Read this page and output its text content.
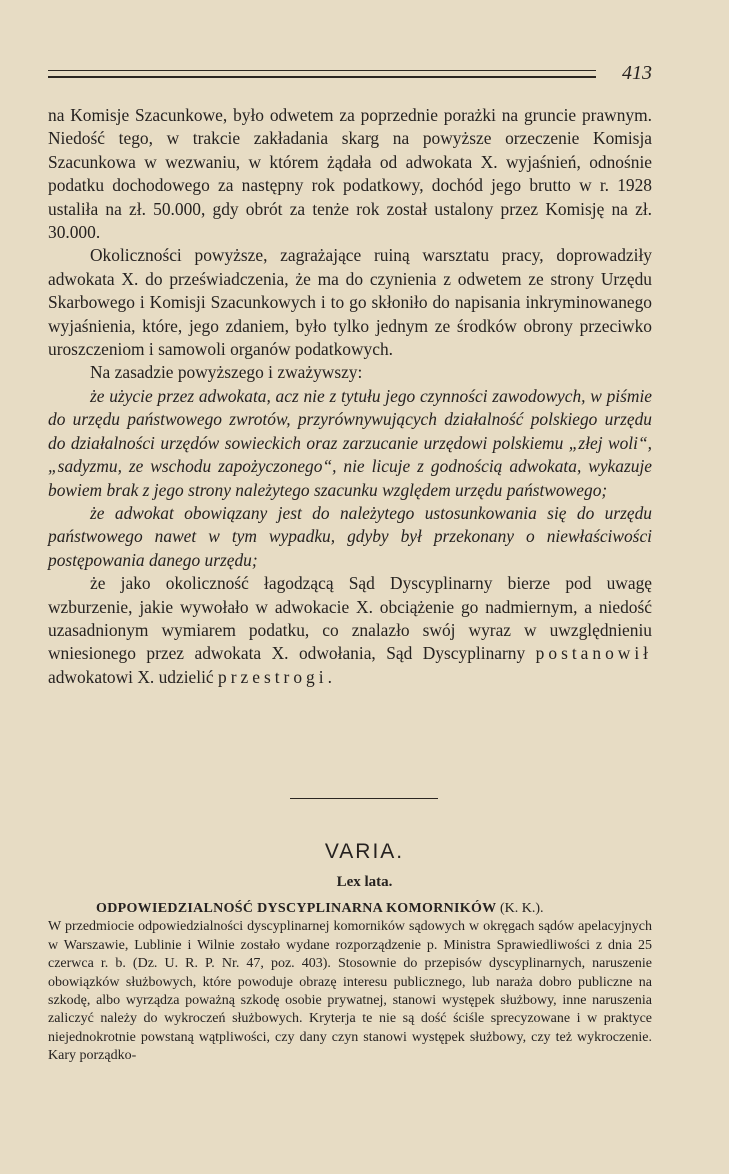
413

na Komisje Szacunkowe, było odwetem za poprzednie porażki na gruncie prawnym. Niedość tego, w trakcie zakładania skarg na powyższe orzeczenie Komisja Szacunkowa w wezwaniu, w którem żądała od adwokata X. wyjaśnień, odnośnie podatku dochodowego za następny rok podatkowy, dochód jego brutto w r. 1928 ustaliła na zł. 50.000, gdy obrót za tenże rok został ustalony przez Komisję na zł. 30.000.

Okoliczności powyższe, zagrażające ruiną warsztatu pracy, doprowadziły adwokata X. do przeświadczenia, że ma do czynienia z odwetem ze strony Urzędu Skarbowego i Komisji Szacunkowych i to go skłoniło do napisania inkryminowanego wyjaśnienia, które, jego zdaniem, było tylko jednym ze środków obrony przeciwko uroszczeniom i samowoli organów podatkowych.

Na zasadzie powyższego i zważywszy:

że użycie przez adwokata, acz nie z tytułu jego czynności zawodowych, w piśmie do urzędu państwowego zwrotów, przyrównywujących działalność polskiego urzędu do działalności urzędów sowieckich oraz zarzucanie urzędowi polskiemu „złej woli“, „sadyzmu, ze wschodu zapożyczonego“, nie licuje z godnością adwokata, wykazuje bowiem brak z jego strony należytego szacunku względem urzędu państwowego;

że adwokat obowiązany jest do należytego ustosunkowania się do urzędu państwowego nawet w tym wypadku, gdyby był przekonany o niewłaściwości postępowania danego urzędu;

że jako okoliczność łagodzącą Sąd Dyscyplinarny bierze pod uwagę wzburzenie, jakie wywołało w adwokacie X. obciążenie go nadmiernym, a niedość uzasadnionym wymiarem podatku, co znalazło swój wyraz w uwzględnieniu wniesionego przez adwokata X. odwołania, Sąd Dyscyplinarny postanowił adwokatowi X. udzielić przestrogi.

VARIA.
Lex lata.

ODPOWIEDZIALNOŚĆ DYSCYPLINARNA KOMORNIKÓW (K. K.).

W przedmiocie odpowiedzialności dyscyplinarnej komorników sądowych w okręgach sądów apelacyjnych w Warszawie, Lublinie i Wilnie zostało wydane rozporządzenie p. Ministra Sprawiedliwości z dnia 25 czerwca r. b. (Dz. U. R. P. Nr. 47, poz. 403). Stosownie do przepisów dyscyplinarnych, naruszenie obowiązków służbowych, które powoduje obrazę interesu publicznego, lub naraża dobro publiczne na szkodę, albo wyrządza poważną szkodę osobie prywatnej, stanowi występek służbowy, inne naruszenia zaliczyć należy do wykroczeń służbowych. Kryterja te nie są dość ściśle sprecyzowane i w praktyce niejednokrotnie powstaną wątpliwości, czy dany czyn stanowi występek służbowy, czy też wykroczenie. Kary porządko-
